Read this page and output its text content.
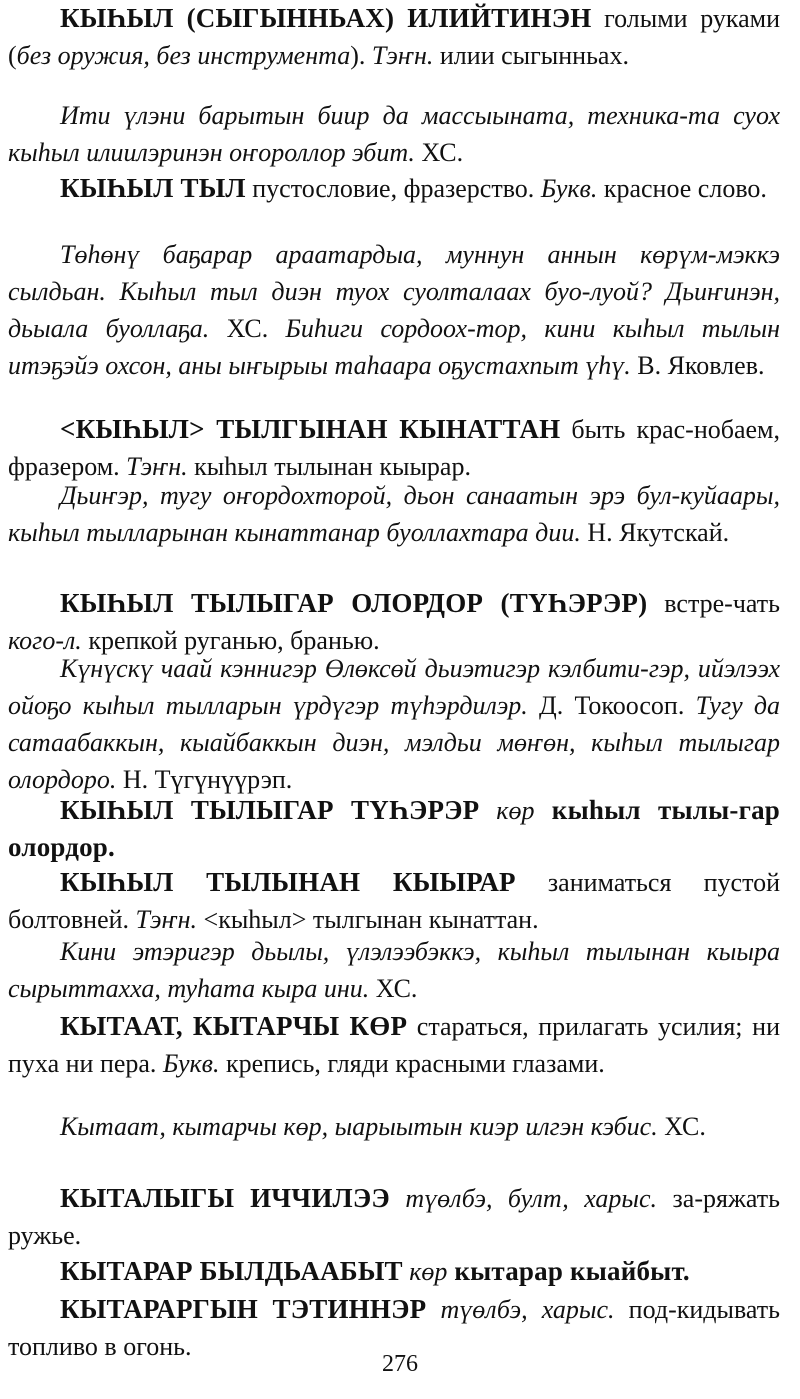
КЫҺЫЛ (СЫГЫННЬАХ) ИЛИЙТИНЭН голыми руками (без оружия, без инструмента). Тэҥн. илии сыгынньах.

Ити үлэни барытын биир да массыыната, техника-та суох кыһыл илиилэринэн оҥороллор эбит. ХС.

КЫҺЫЛ ТЫЛ пустословие, фразерство. Букв. красное слово.

Төһөнү баҕарар араатардыа, муннун аннын көрүм-мэккэ сылдьан. Кыһыл тыл диэн туох суолталаах буо-луой? Дьиҥинэн, дьыала буоллаҕа. ХС. Биһиги сордоох-тор, кини кыһыл тылын итэҕэйэ охсон, аны ыҥырыы таһаара оҕустахпыт үһү. В. Яковлев.

<КЫҺЫЛ> ТЫЛГЫНАН КЫНАТТАН быть крас-нобаем, фразером. Тэҥн. кыһыл тылынан кыырар.

Дьиҥэр, тугу оҥордохторой, дьон санаатын эрэ бул-куйаары, кыһыл тылларынан кынаттанар буоллахтара дии. Н. Якутскай.

КЫҺЫЛ ТЫЛЫГАР ОЛОРДОР (ТҮҺЭРЭР) встре-чать кого-л. крепкой руганью, бранью.

Күнүскү чаай кэннигэр Өлөксөй дьиэтигэр кэлбити-гэр, ийэлээх ойоҕо кыһыл тылларын үрдүгэр түһэрдилэр. Д. Токоосоп. Тугу да сатаабаккын, кыайбаккын диэн, мэлдьи мөҥөн, кыһыл тылыгар олордоро. Н. Түгүнүүрэп.

КЫҺЫЛ ТЫЛЫГАР ТҮҺЭРЭР көр кыһыл тылы-гар олордор.

КЫҺЫЛ ТЫЛЫНАН КЫЫРАР заниматься пустой болтовней. Тэҥн. <кыһыл> тылгынан кынаттан.

Кини этэригэр дьылы, үлэлээбэккэ, кыһыл тылынан кыыра сырыттахха, туһата кыра ини. ХС.

КЫТААТ, КЫТАРЧЫ КӨР стараться, прилагать усилия; ни пуха ни пера. Букв. крепись, гляди красными глазами.

Кытаат, кытарчы көр, ыарыытын киэр илгэн кэбис. ХС.

КЫТАЛЫГЫ ИЧЧИЛЭЭ түөлбэ, булт, харыс. за-ряжать ружье.

КЫТАРАР БЫЛДЬААБЫТ көр кытарар кыайбыт.

КЫТАРАРГЫН ТЭТИННЭР түөлбэ, харыс. под-кидывать топливо в огонь.

276
